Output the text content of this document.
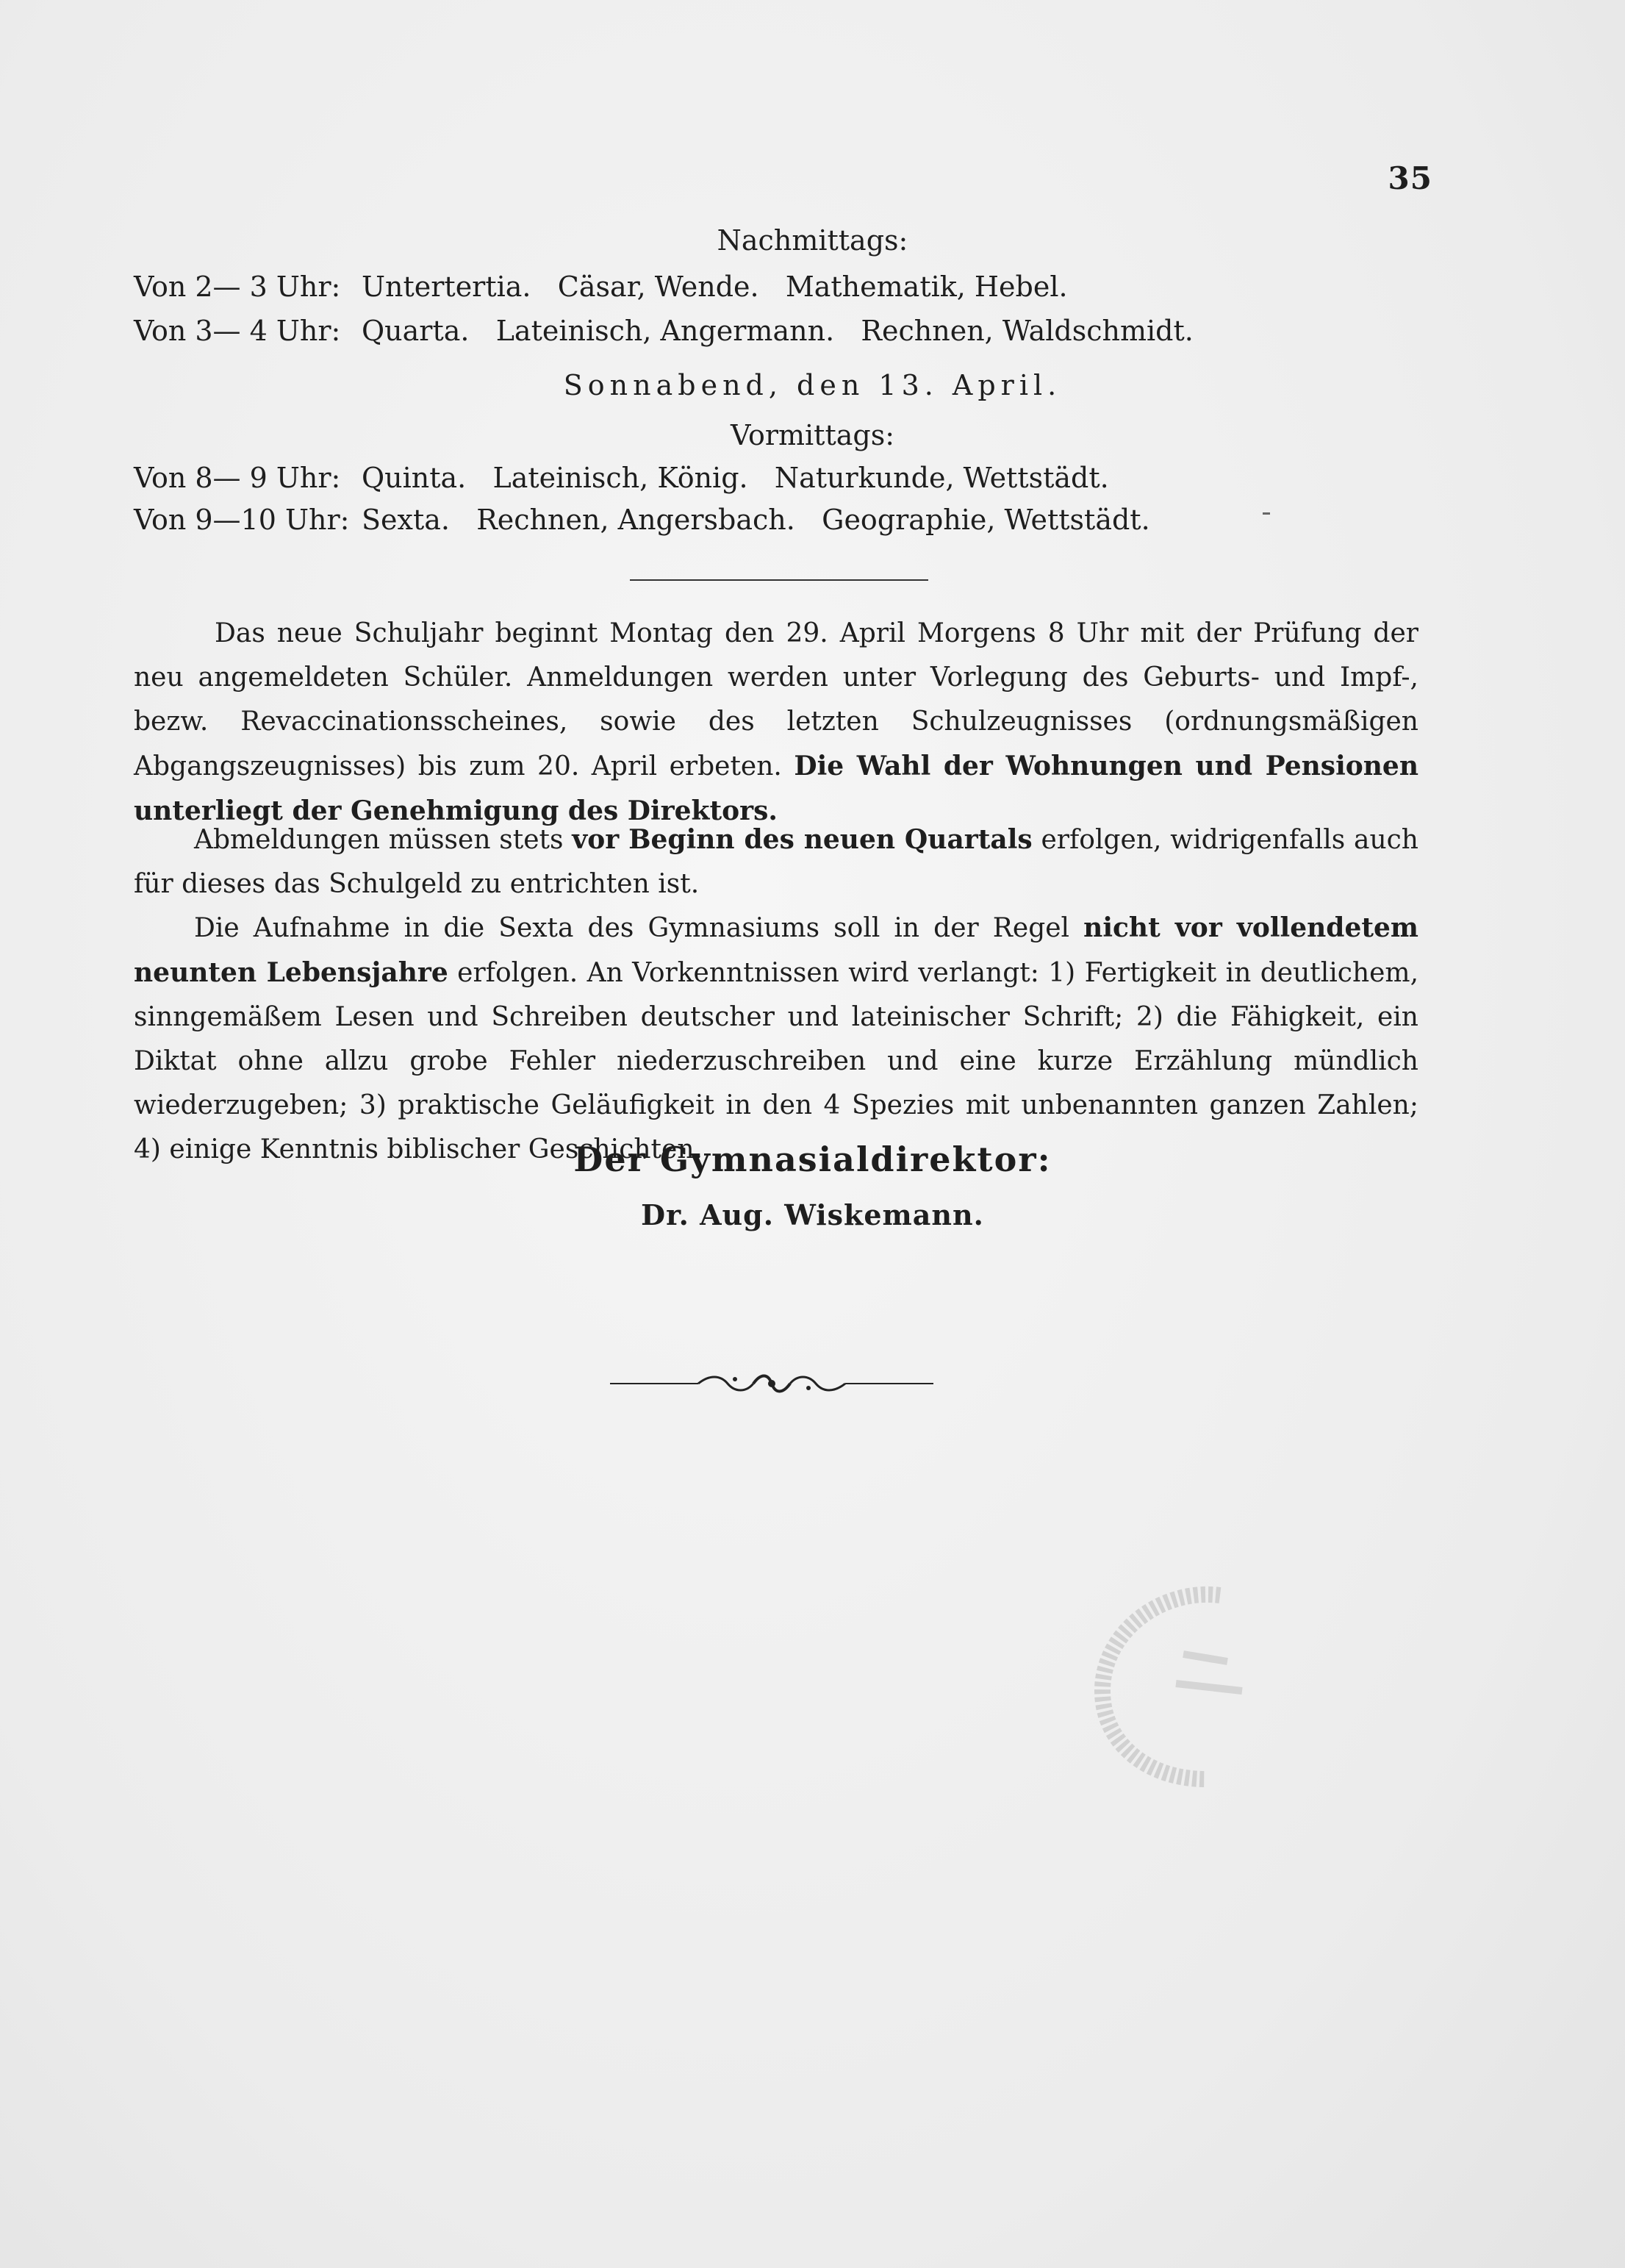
35
Nachmittags:
Von 2— 3 Uhr: Untertertia.   Cäsar, Wende.   Mathematik, Hebel.
Von 3— 4 Uhr: Quarta.   Lateinisch, Angermann.   Rechnen, Waldschmidt.
Sonnabend, den 13. April.
Vormittags:
Von 8— 9 Uhr: Quinta.   Lateinisch, König.   Naturkunde, Wettstädt.
Von 9—10 Uhr: Sexta.   Rechnen, Angersbach.   Geographie, Wettstädt.
Das neue Schuljahr beginnt Montag den 29. April Morgens 8 Uhr mit der Prüfung der neu angemeldeten Schüler. Anmeldungen werden unter Vorlegung des Geburts- und Impf-, bezw. Revaccinationsscheines, sowie des letzten Schulzeugnisses (ordnungsmäßigen Abgangszeugnisses) bis zum 20. April erbeten. Die Wahl der Wohnungen und Pensionen unterliegt der Genehmigung des Direktors.
Abmeldungen müssen stets vor Beginn des neuen Quartals erfolgen, widrigenfalls auch für dieses das Schulgeld zu entrichten ist.
Die Aufnahme in die Sexta des Gymnasiums soll in der Regel nicht vor vollendetem neunten Lebensjahre erfolgen. An Vorkenntnissen wird verlangt: 1) Fertigkeit in deutlichem, sinngemäßem Lesen und Schreiben deutscher und lateinischer Schrift; 2) die Fähigkeit, ein Diktat ohne allzu grobe Fehler niederzuschreiben und eine kurze Erzählung mündlich wiederzugeben; 3) praktische Geläufigkeit in den 4 Spezies mit unbenannten ganzen Zahlen; 4) einige Kenntnis biblischer Geschichten.
Der Gymnasialdirektor:
Dr. Aug. Wiskemann.
